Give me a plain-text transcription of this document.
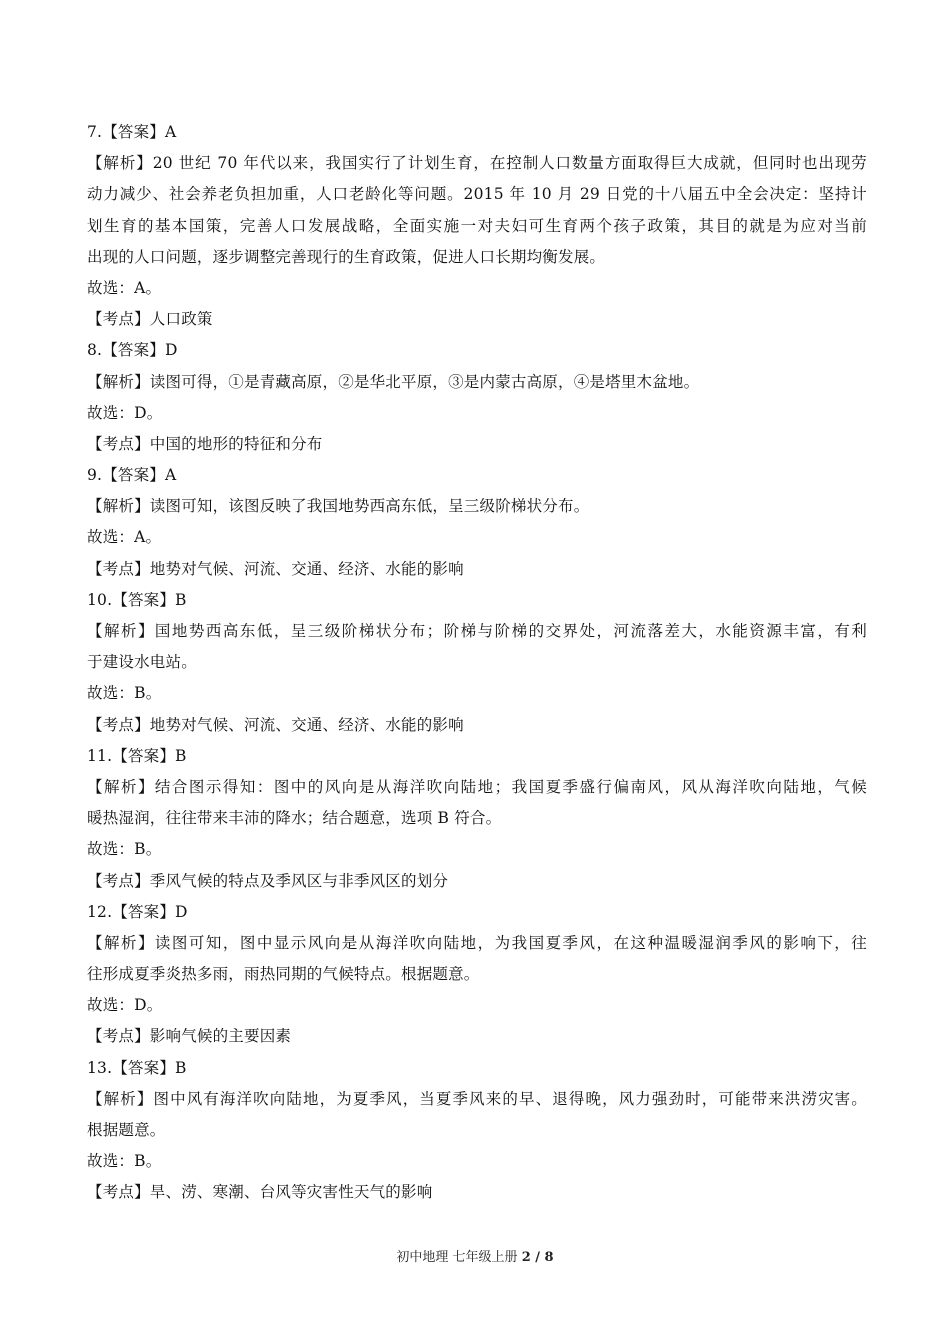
7.【答案】A
【解析】20 世纪 70 年代以来，我国实行了计划生育，在控制人口数量方面取得巨大成就，但同时也出现劳
动力减少、社会养老负担加重，人口老龄化等问题。2015 年 10 月 29 日党的十八届五中全会决定：坚持计
划生育的基本国策，完善人口发展战略，全面实施一对夫妇可生育两个孩子政策，其目的就是为应对当前
出现的人口问题，逐步调整完善现行的生育政策，促进人口长期均衡发展。
故选：A。
【考点】人口政策
8.【答案】D
【解析】读图可得，①是青藏高原，②是华北平原，③是内蒙古高原，④是塔里木盆地。
故选：D。
【考点】中国的地形的特征和分布
9.【答案】A
【解析】读图可知，该图反映了我国地势西高东低，呈三级阶梯状分布。
故选：A。
【考点】地势对气候、河流、交通、经济、水能的影响
10.【答案】B
【解析】国地势西高东低，呈三级阶梯状分布；阶梯与阶梯的交界处，河流落差大，水能资源丰富，有利
于建设水电站。
故选：B。
【考点】地势对气候、河流、交通、经济、水能的影响
11.【答案】B
【解析】结合图示得知：图中的风向是从海洋吹向陆地；我国夏季盛行偏南风，风从海洋吹向陆地，气候
暖热湿润，往往带来丰沛的降水；结合题意，选项 B 符合。
故选：B。
【考点】季风气候的特点及季风区与非季风区的划分
12.【答案】D
【解析】读图可知，图中显示风向是从海洋吹向陆地，为我国夏季风，在这种温暖湿润季风的影响下，往
往形成夏季炎热多雨，雨热同期的气候特点。根据题意。
故选：D。
【考点】影响气候的主要因素
13.【答案】B
【解析】图中风有海洋吹向陆地，为夏季风，当夏季风来的早、退得晚，风力强劲时，可能带来洪涝灾害。
根据题意。
故选：B。
【考点】旱、涝、寒潮、台风等灾害性天气的影响
初中地理 七年级上册 2 / 8
